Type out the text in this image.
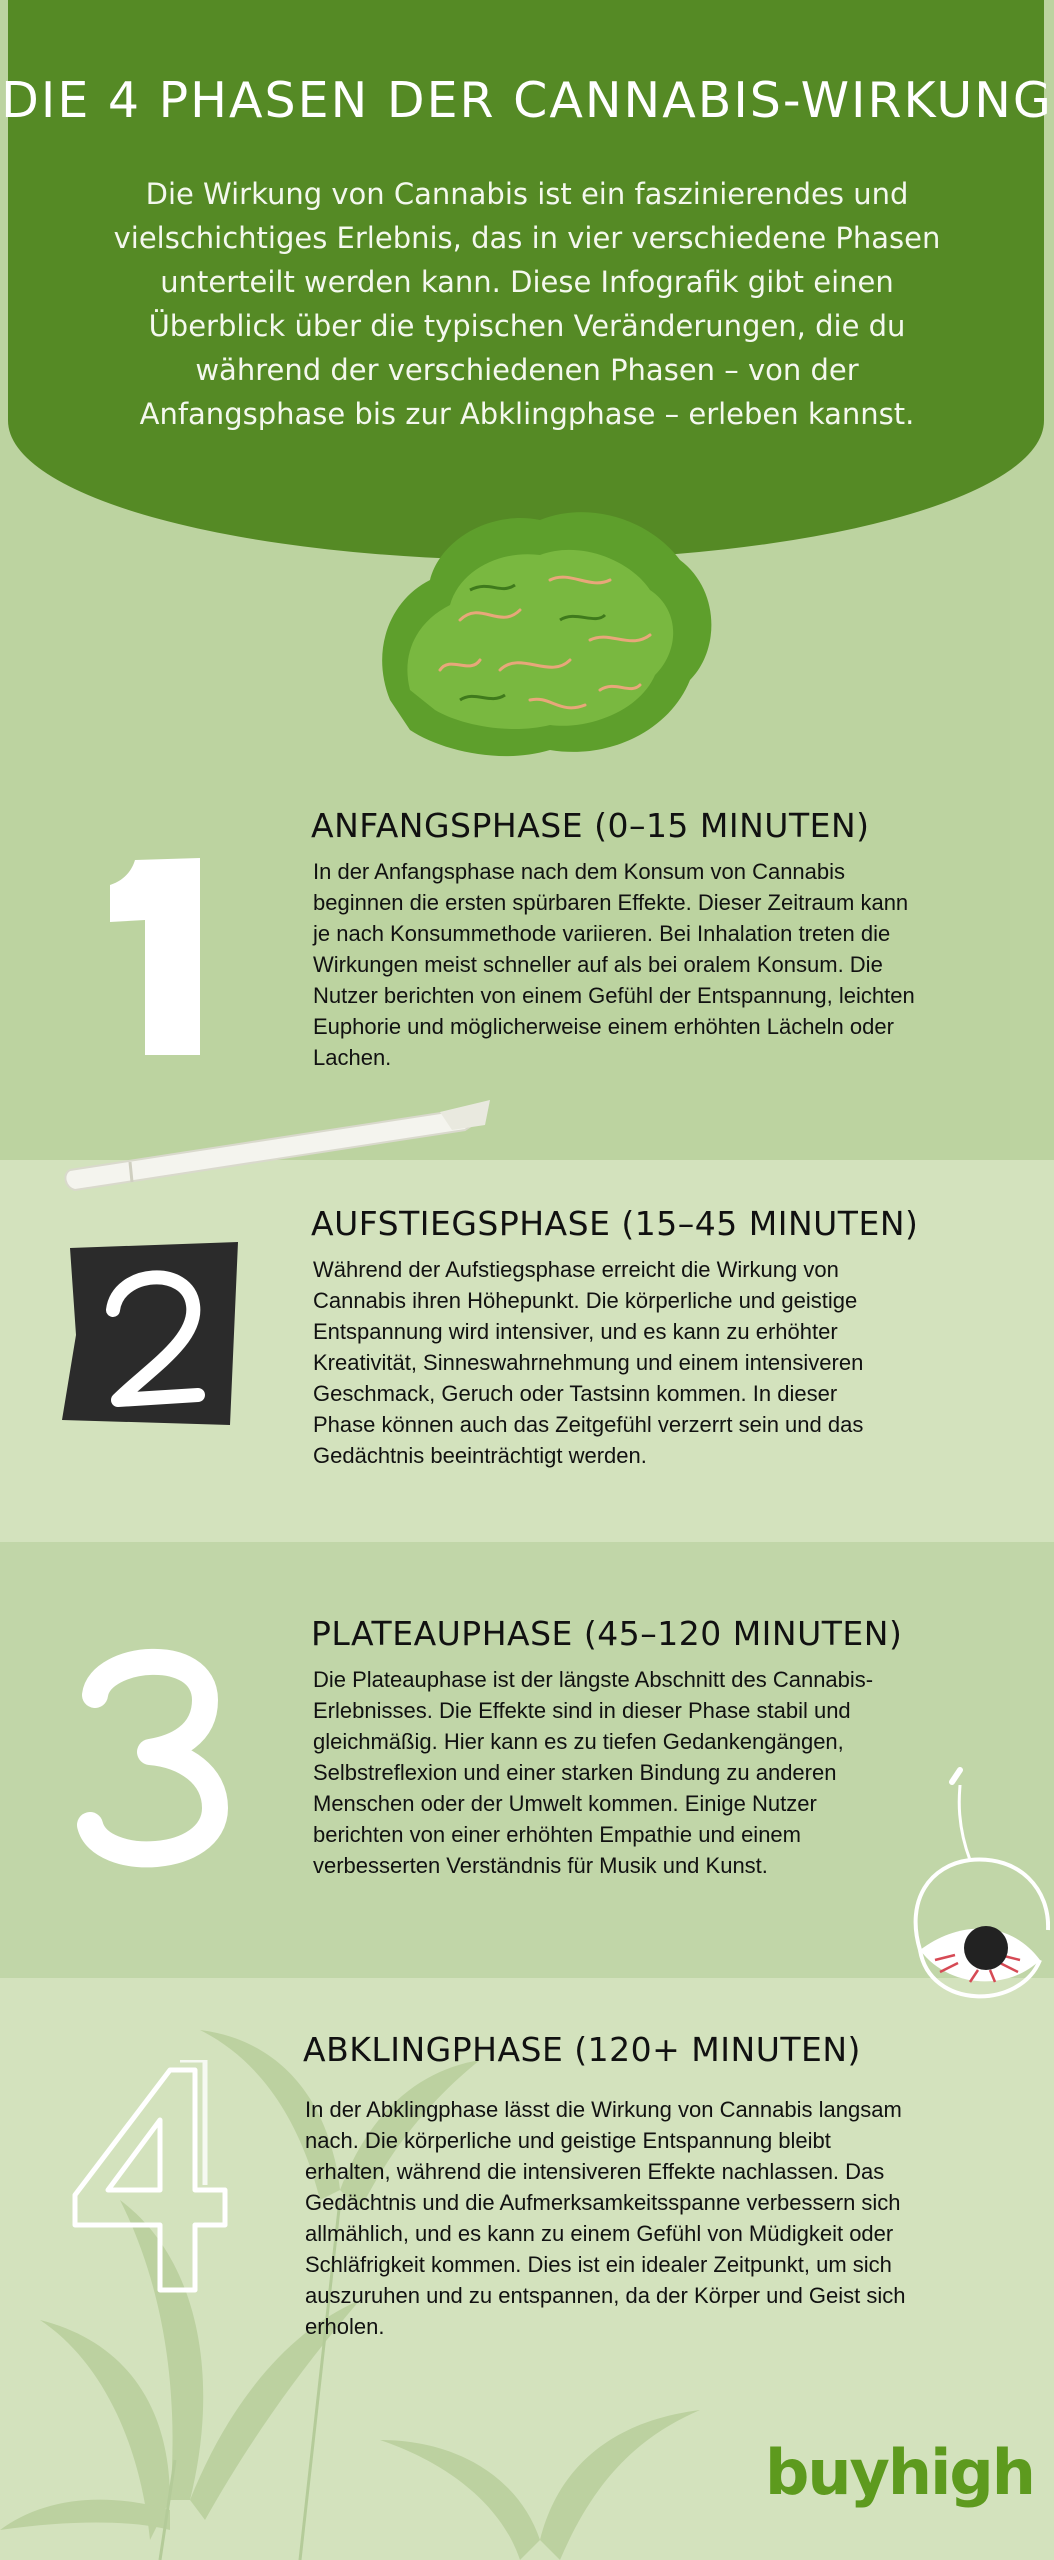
DIE 4 PHASEN DER CANNABIS-WIRKUNG
Die Wirkung von Cannabis ist ein faszinierendes und
vielschichtiges Erlebnis, das in vier verschiedene Phasen
unterteilt werden kann. Diese Infografik gibt einen
Überblick über die typischen Veränderungen, die du
während der verschiedenen Phasen – von der
Anfangsphase bis zur Abklingphase – erleben kannst.
ANFANGSPHASE (0–15 MINUTEN)
In der Anfangsphase nach dem Konsum von Cannabis
beginnen die ersten spürbaren Effekte. Dieser Zeitraum kann
je nach Konsummethode variieren. Bei Inhalation treten die
Wirkungen meist schneller auf als bei oralem Konsum. Die
Nutzer berichten von einem Gefühl der Entspannung, leichten
Euphorie und möglicherweise einem erhöhten Lächeln oder
Lachen.
AUFSTIEGSPHASE (15–45 MINUTEN)
Während der Aufstiegsphase erreicht die Wirkung von
Cannabis ihren Höhepunkt. Die körperliche und geistige
Entspannung wird intensiver, und es kann zu erhöhter
Kreativität, Sinneswahrnehmung und einem intensiveren
Geschmack, Geruch oder Tastsinn kommen. In dieser
Phase können auch das Zeitgefühl verzerrt sein und das
Gedächtnis beeinträchtigt werden.
PLATEAUPHASE (45–120 MINUTEN)
Die Plateauphase ist der längste Abschnitt des Cannabis-
Erlebnisses. Die Effekte sind in dieser Phase stabil und
gleichmäßig. Hier kann es zu tiefen Gedankengängen,
Selbstreflexion und einer starken Bindung zu anderen
Menschen oder der Umwelt kommen. Einige Nutzer
berichten von einer erhöhten Empathie und einem
verbesserten Verständnis für Musik und Kunst.
ABKLINGPHASE (120+ MINUTEN)
In der Abklingphase lässt die Wirkung von Cannabis langsam
nach. Die körperliche und geistige Entspannung bleibt
erhalten, während die intensiveren Effekte nachlassen. Das
Gedächtnis und die Aufmerksamkeitsspanne verbessern sich
allmählich, und es kann zu einem Gefühl von Müdigkeit oder
Schläfrigkeit kommen. Dies ist ein idealer Zeitpunkt, um sich
auszuruhen und zu entspannen, da der Körper und Geist sich
erholen.
buyhigh
